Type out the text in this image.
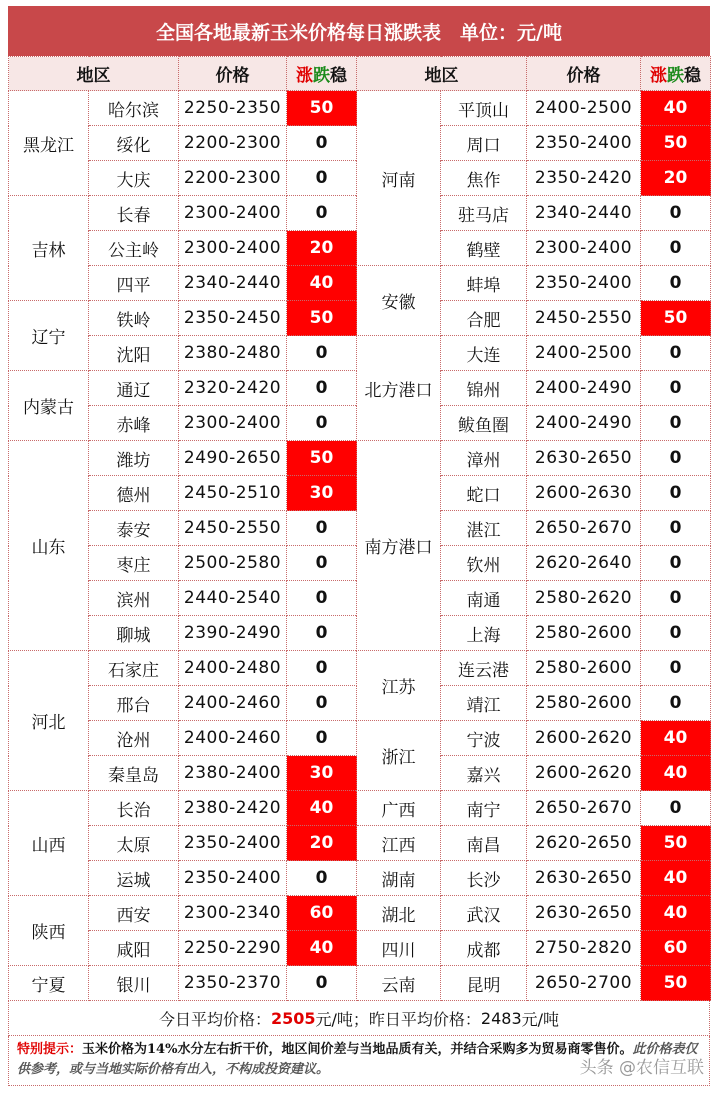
全国各地最新玉米价格每日涨跌表　单位：元/吨
地区		价格	涨跌稳	地区		价格	涨跌稳
黑龙江	哈尔滨	2250-2350	50	河南	平顶山	2400-2500	40
	绥化	2200-2300	0		周口	2350-2400	50
	大庆	2200-2300	0		焦作	2350-2420	20
吉林	长春	2300-2400	0		驻马店	2340-2440	0
	公主岭	2300-2400	20		鹤壁	2300-2400	0
	四平	2340-2440	40	安徽	蚌埠	2350-2400	0
辽宁	铁岭	2350-2450	50		合肥	2450-2550	50
	沈阳	2380-2480	0	北方港口	大连	2400-2500	0
内蒙古	通辽	2320-2420	0		锦州	2400-2490	0
	赤峰	2300-2400	0		鲅鱼圈	2400-2490	0
山东	潍坊	2490-2650	50	南方港口	漳州	2630-2650	0
	德州	2450-2510	30		蛇口	2600-2630	0
	泰安	2450-2550	0		湛江	2650-2670	0
	枣庄	2500-2580	0		钦州	2620-2640	0
	滨州	2440-2540	0		南通	2580-2620	0
	聊城	2390-2490	0		上海	2580-2600	0
河北	石家庄	2400-2480	0	江苏	连云港	2580-2600	0
	邢台	2400-2460	0		靖江	2580-2600	0
	沧州	2400-2460	0	浙江	宁波	2600-2620	40
	秦皇岛	2380-2400	30		嘉兴	2600-2620	40
山西	长治	2380-2420	40	广西	南宁	2650-2670	0
	太原	2350-2400	20	江西	南昌	2620-2650	50
	运城	2350-2400	0	湖南	长沙	2630-2650	40
陕西	西安	2300-2340	60	湖北	武汉	2630-2650	40
	咸阳	2250-2290	40	四川	成都	2750-2820	60
宁夏	银川	2350-2370	0	云南	昆明	2650-2700	50
今日平均价格： 2505 元/吨； 昨日平均价格： 2483 元/吨
特别提示：玉米价格为14%水分左右折干价，地区间价差与当地品质有关，并结合采购多为贸易商零售价。此价格表仅供参考，或与当地实际价格有出入，不构成投资建议。	头条 @农信互联
